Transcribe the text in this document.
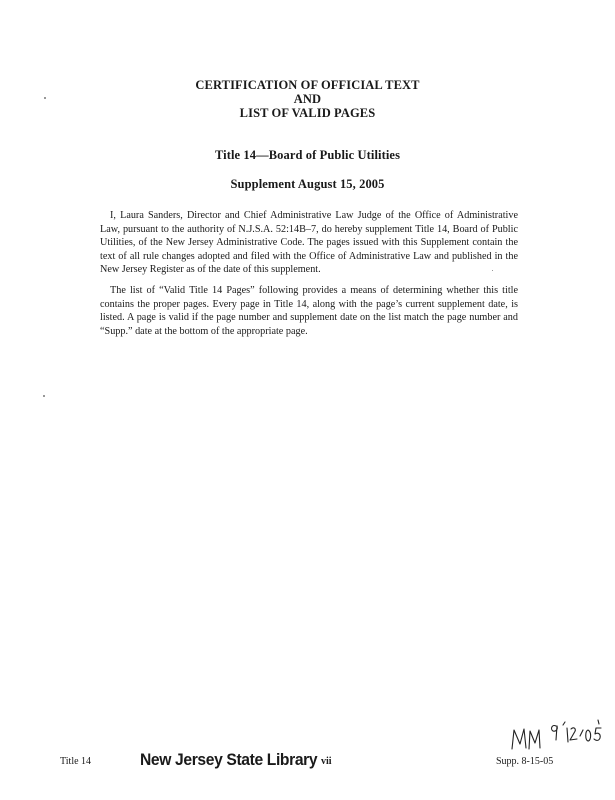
CERTIFICATION OF OFFICIAL TEXT
AND
LIST OF VALID PAGES
Title 14—Board of Public Utilities
Supplement August 15, 2005

I, Laura Sanders, Director and Chief Administrative Law Judge of the Office of Administrative Law, pursuant to the authority of N.J.S.A. 52:14B–7, do hereby supplement Title 14, Board of Public Utilities, of the New Jersey Administrative Code. The pages issued with this Supplement contain the text of all rule changes adopted and filed with the Office of Administrative Law and published in the New Jersey Register as of the date of this supplement.

The list of “Valid Title 14 Pages” following provides a means of determining whether this title contains the proper pages. Every page in Title 14, along with the page’s current supplement date, is listed. A page is valid if the page number and supplement date on the list match the page number and “Supp.” date at the bottom of the appropriate page.

Title 14	New Jersey State Library vii	Supp. 8-15-05
